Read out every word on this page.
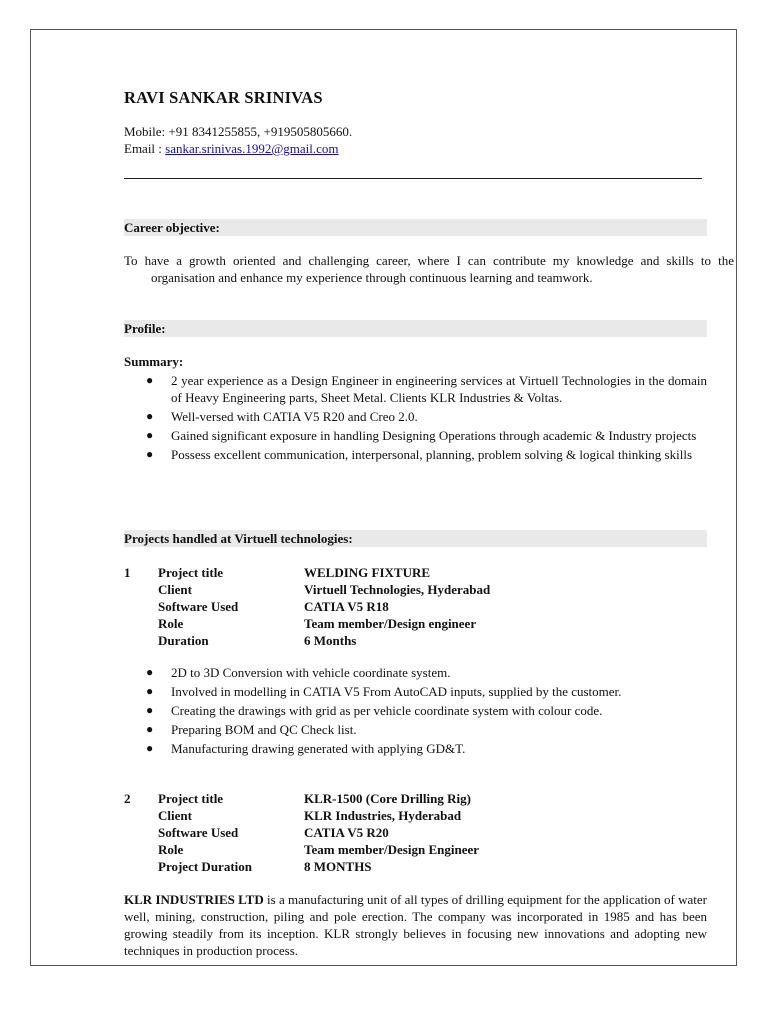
RAVI SANKAR SRINIVAS
Mobile: +91 8341255855, +919505805660.
Email : sankar.srinivas.1992@gmail.com
Career objective:
To have a growth oriented and challenging career, where I can contribute my knowledge and skills to the organisation and enhance my experience through continuous learning and teamwork.
Profile:
Summary:
● 2 year experience as a Design Engineer in engineering services at Virtuell Technologies in the domain of Heavy Engineering parts, Sheet Metal. Clients KLR Industries & Voltas.
● Well-versed with CATIA V5 R20 and Creo 2.0.
● Gained significant exposure in handling Designing Operations through academic & Industry projects
● Possess excellent communication, interpersonal, planning, problem solving & logical thinking skills
Projects handled at Virtuell technologies:
1 Project title	WELDING FIXTURE
Client	Virtuell Technologies, Hyderabad
Software Used	CATIA V5 R18
Role	Team member/Design engineer
Duration	6 Months
● 2D to 3D Conversion with vehicle coordinate system.
● Involved in modelling in CATIA V5 From AutoCAD inputs, supplied by the customer.
● Creating the drawings with grid as per vehicle coordinate system with colour code.
● Preparing BOM and QC Check list.
● Manufacturing drawing generated with applying GD&T.
2 Project title	KLR-1500 (Core Drilling Rig)
Client	KLR Industries, Hyderabad
Software Used	CATIA V5 R20
Role	Team member/Design Engineer
Project Duration	8 MONTHS
KLR INDUSTRIES LTD is a manufacturing unit of all types of drilling equipment for the application of water well, mining, construction, piling and pole erection. The company was incorporated in 1985 and has been growing steadily from its inception. KLR strongly believes in focusing new innovations and adopting new techniques in production process.
